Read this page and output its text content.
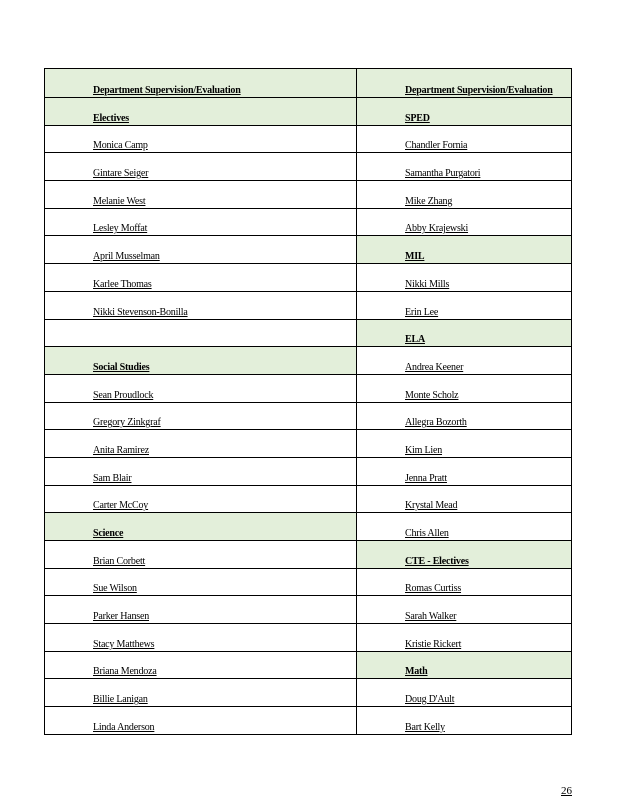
Department Supervision/Evaluation	Department Supervision/Evaluation
Electives	SPED
Monica Camp	Chandler Fornia
Gintare Seiger	Samantha Purgatori
Melanie West	Mike Zhang
Lesley Moffat	Abby Krajewski
April Musselman	MIL
Karlee Thomas	Nikki Mills
Nikki Stevenson-Bonilla	Erin Lee
	ELA
Social Studies	Andrea Keener
Sean Proudlock	Monte Scholz
Gregory Zinkgraf	Allegra Bozorth
Anita Ramirez	Kim Lien
Sam Blair	Jenna Pratt
Carter McCoy	Krystal Mead
Science	Chris Allen
Brian Corbett	CTE - Electives
Sue Wilson	Romas Curtiss
Parker Hansen	Sarah Walker
Stacy Matthews	Kristie Rickert
Briana Mendoza	Math
Billie Lanigan	Doug D'Ault
Linda Anderson	Bart Kelly
26
